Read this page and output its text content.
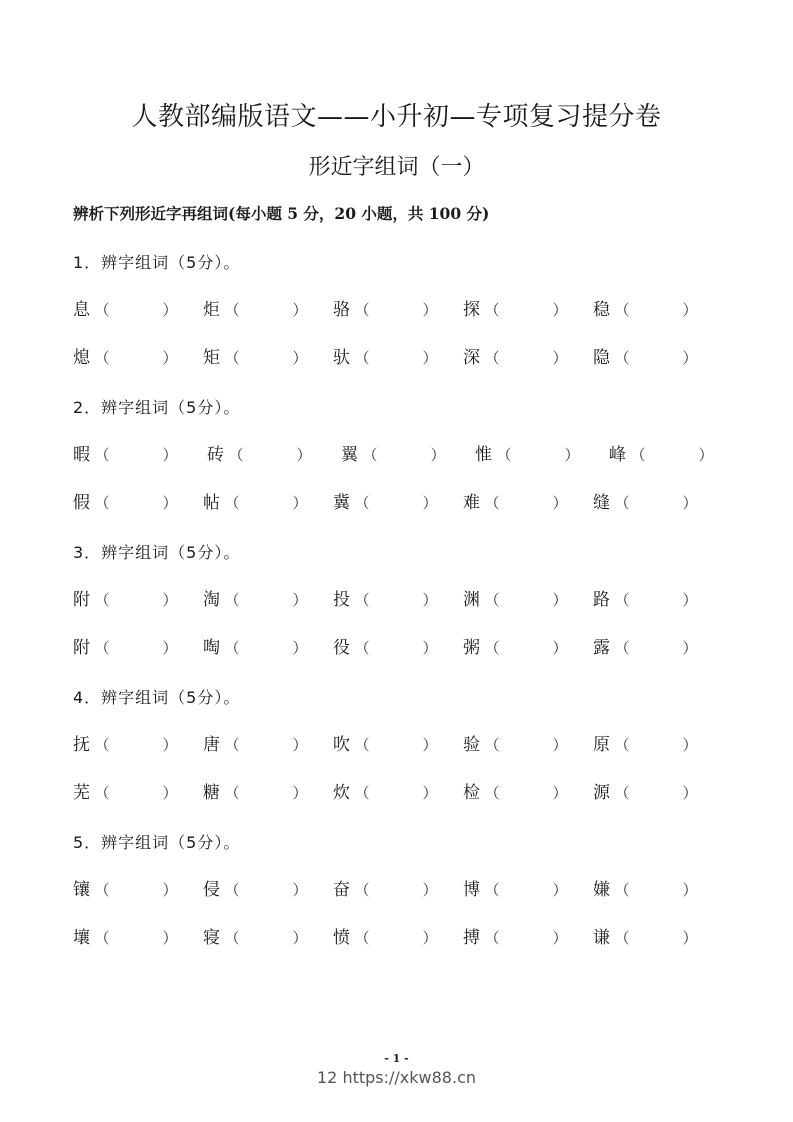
人教部编版语文——小升初—专项复习提分卷
形近字组词（一）
辨析下列形近字再组词(每小题 5 分，20 小题，共 100 分)
1．辨字组词（5分）。
息 （	） 炬 （	） 骆 （	） 探 （	） 稳 （	）
熄 （	） 矩 （	） 驮 （	） 深 （	） 隐 （	）
2．辨字组词（5分）。
暇 （	） 砖 （	） 翼 （	） 惟 （	） 峰 （	）
假 （	） 帖 （	） 冀 （	） 难 （	） 缝 （	）
3．辨字组词（5分）。
附 （	） 淘 （	） 投 （	） 渊 （	） 路 （	）
附 （	） 啕 （	） 役 （	） 粥 （	） 露 （	）
4．辨字组词（5分）。
抚 （	） 唐 （	） 吹 （	） 验 （	） 原 （	）
芜 （	） 糖 （	） 炊 （	） 检 （	） 源 （	）
5．辨字组词（5分）。
镶 （	） 侵 （	） 奋 （	） 博 （	） 嫌 （	）
壤 （	） 寝 （	） 愤 （	） 搏 （	） 谦 （	）
- 1 -
12 https://xkw88.cn
